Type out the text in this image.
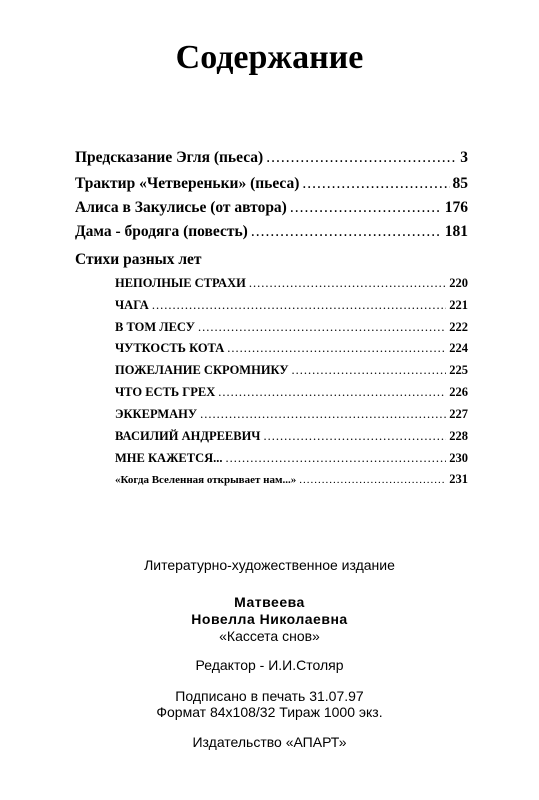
Содержание
Предсказание Эгля (пьеса) .....	3
Трактир «Четвереньки» (пьеса) .....	85
Алиса в Закулисье (от автора) .....	176
Дама - бродяга (повесть) .....	181
Стихи разных лет
НЕПОЛНЫЕ СТРАХИ .....	220
ЧАГА .....	221
В ТОМ ЛЕСУ .....	222
ЧУТКОСТЬ КОТА .....	224
ПОЖЕЛАНИЕ СКРОМНИКУ .....	225
ЧТО ЕСТЬ ГРЕХ .....	226
ЭККЕРМАНУ .....	227
ВАСИЛИЙ АНДРЕЕВИЧ .....	228
МНЕ КАЖЕТСЯ... .....	230
«Когда Вселенная открывает нам...» .....	231
Литературно-художественное издание
Матвеева
Новелла Николаевна
«Кассета снов»
Редактор - И.И.Столяр
Подписано в печать 31.07.97
Формат 84x108/32 Тираж 1000 экз.
Издательство «АПАРТ»
